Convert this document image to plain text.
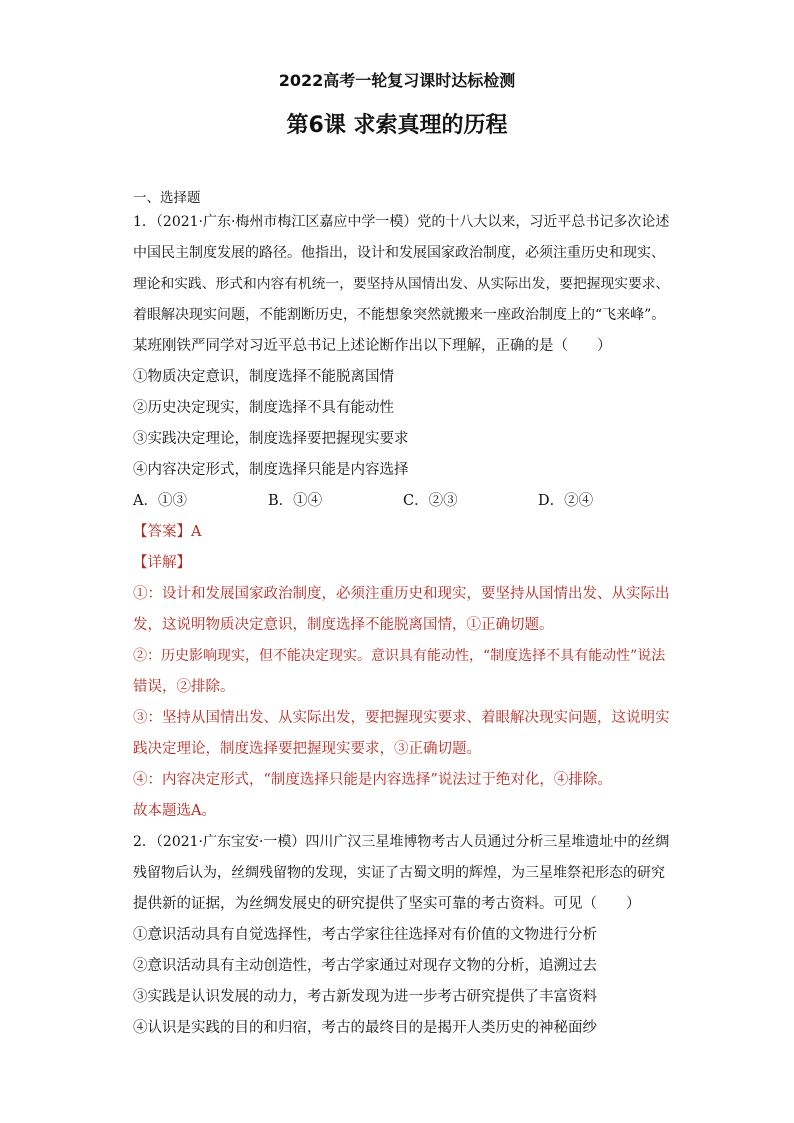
2022高考一轮复习课时达标检测
第6课 求索真理的历程
一、选择题
1．（2021·广东·梅州市梅江区嘉应中学一模）党的十八大以来，习近平总书记多次论述
中国民主制度发展的路径。他指出，设计和发展国家政治制度，必须注重历史和现实、
理论和实践、形式和内容有机统一，要坚持从国情出发、从实际出发，要把握现实要求、
着眼解决现实问题，不能割断历史，不能想象突然就搬来一座政治制度上的“飞来峰”。
某班刚铁严同学对习近平总书记上述论断作出以下理解，正确的是（　　）
①物质决定意识，制度选择不能脱离国情
②历史决定现实，制度选择不具有能动性
③实践决定理论，制度选择要把握现实要求
④内容决定形式，制度选择只能是内容选择
A．①③	B．①④	C．②③	D．②④
【答案】A
【详解】
①：设计和发展国家政治制度，必须注重历史和现实，要坚持从国情出发、从实际出
发，这说明物质决定意识，制度选择不能脱离国情，①正确切题。
②：历史影响现实，但不能决定现实。意识具有能动性，“制度选择不具有能动性”说法
错误，②排除。
③：坚持从国情出发、从实际出发，要把握现实要求、着眼解决现实问题，这说明实
践决定理论，制度选择要把握现实要求，③正确切题。
④：内容决定形式，“制度选择只能是内容选择”说法过于绝对化，④排除。
故本题选A。
2．（2021·广东宝安·一模）四川广汉三星堆博物考古人员通过分析三星堆遗址中的丝绸
残留物后认为，丝绸残留物的发现，实证了古蜀文明的辉煌，为三星堆祭祀形态的研究
提供新的证据，为丝绸发展史的研究提供了坚实可靠的考古资料。可见（　　）
①意识活动具有自觉选择性，考古学家往往选择对有价值的文物进行分析
②意识活动具有主动创造性，考古学家通过对现存文物的分析，追溯过去
③实践是认识发展的动力，考古新发现为进一步考古研究提供了丰富资料
④认识是实践的目的和归宿，考古的最终目的是揭开人类历史的神秘面纱
